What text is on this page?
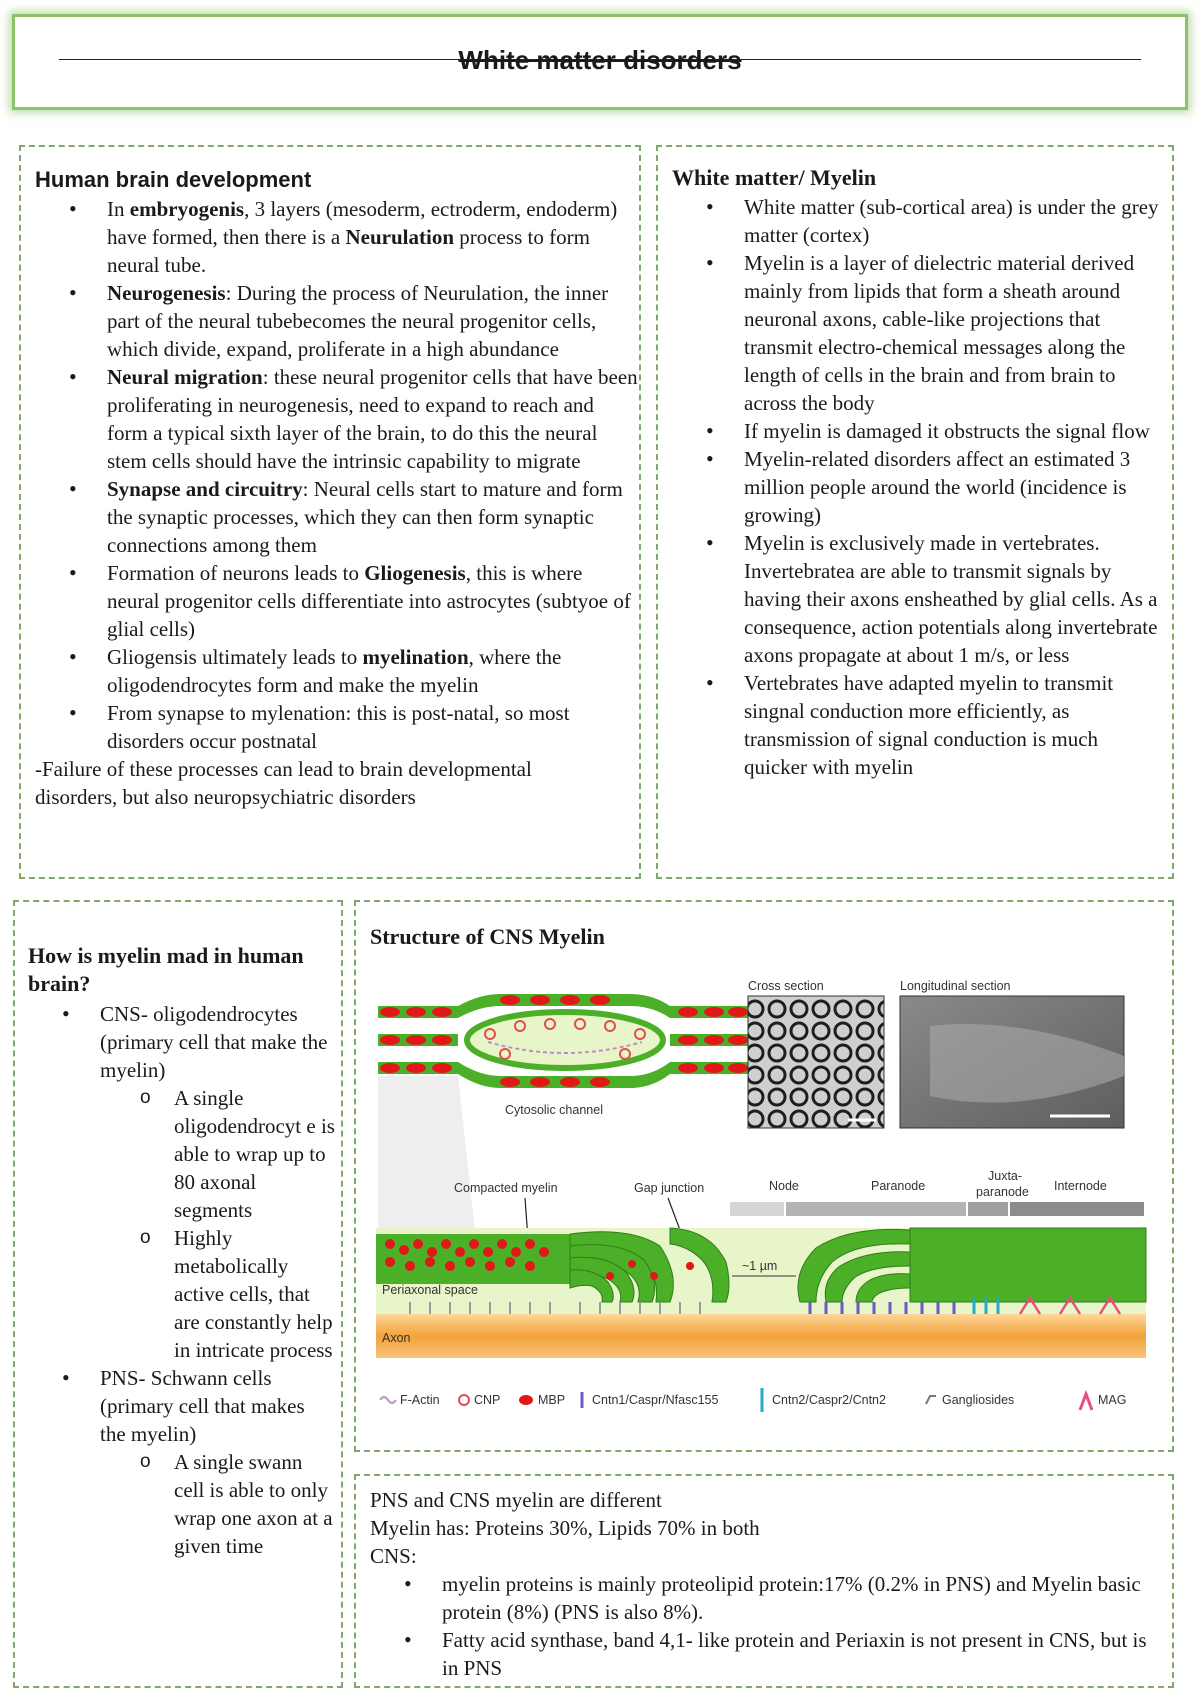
White matter disorders
Human brain development
• In embryogenis, 3 layers (mesoderm, ectroderm, endoderm) have formed, then there is a Neurulation process to form neural tube.
• Neurogenesis: During the process of Neurulation, the inner part of the neural tubebecomes the neural progenitor cells, which divide, expand, proliferate in a high abundance
• Neural migration: these neural progenitor cells that have been proliferating in neurogenesis, need to expand to reach and form a typical sixth layer of the brain, to do this the neural stem cells should have the intrinsic capability to migrate
• Synapse and circuitry: Neural cells start to mature and form the synaptic processes, which they can then form synaptic connections among them
• Formation of neurons leads to Gliogenesis, this is where neural progenitor cells differentiate into astrocytes (subtyoe of glial cells)
• Gliogensis ultimately leads to myelination, where the oligodendrocytes form and make the myelin
• From synapse to mylenation: this is post-natal, so most disorders occur postnatal

-Failure of these processes can lead to brain developmental disorders, but also neuropsychiatric disorders

White matter/ Myelin
• White matter (sub-cortical area) is under the grey matter (cortex)
• Myelin is a layer of dielectric material derived mainly from lipids that form a sheath around neuronal axons, cable-like projections that transmit electro-chemical messages along the length of cells in the brain and from brain to across the body
• If myelin is damaged it obstructs the signal flow
• Myelin-related disorders affect an estimated 3 million people around the world (incidence is growing)
• Myelin is exclusively made in vertebrates. Invertebratea are able to transmit signals by having their axons ensheathed by glial cells. As a consequence, action potentials along invertebrate axons propagate at about 1 m/s, or less
• Vertebrates have adapted myelin to transmit singnal conduction more efficiently, as transmission of signal conduction is much quicker with myelin
How is myelin mad in human brain?
• CNS- oligodendrocytes (primary cell that make the myelin)
o A single oligodendrocyt e is able to wrap up to 80 axonal segments
o Highly metabolically active cells, that are constantly help in intricate process
• PNS- Schwann cells (primary cell that makes the myelin)
o A single swann cell is able to only wrap one axon at a given time
Structure of CNS Myelin
Cytosolic channel
Cross section	Longitudinal section
Compacted myelin	Gap junction	Node	Paranode
Juxta-
paranode Internode
Axon
~1 µm
Periaxonal space
F-Actin	CNP	MBP Cntn1/Caspr/Nfasc155	Cntn2/Caspr2/Cntn2	Gangliosides	MAG

PNS and CNS myelin are different

Myelin has: Proteins 30%, Lipids 70% in both

CNS:

• myelin proteins is mainly proteolipid protein:17% (0.2% in PNS) and Myelin basic protein (8%) (PNS is also 8%).
• Fatty acid synthase, band 4,1- like protein and Periaxin is not present in CNS, but is in PNS
